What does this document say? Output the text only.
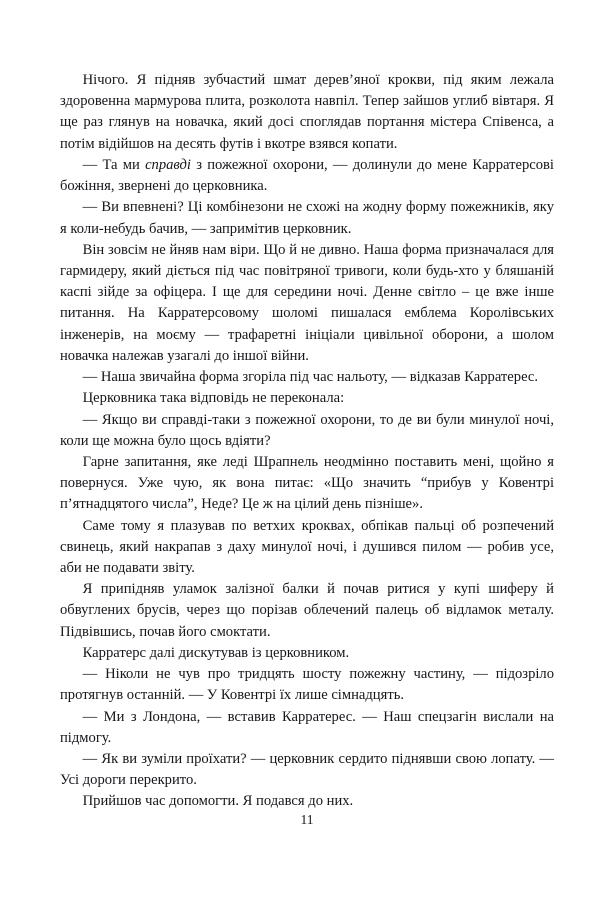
Нічого. Я підняв зубчастий шмат дерев’яної крокви, під яким лежала здоровенна мармурова плита, розколота навпіл. Тепер зайшов углиб вівтаря. Я ще раз глянув на новачка, який досі споглядав портання містера Співенса, а потім відійшов на десять футів і вкотре взявся копати.

— Та ми справді з пожежної охорони, — долинули до мене Карратерсові божіння, звернені до церковника.

— Ви впевнені? Ці комбінезони не схожі на жодну форму пожежників, яку я коли-небудь бачив, — запримітив церковник.

Він зовсім не йняв нам віри. Що й не дивно. Наша форма призначалася для гармидеру, який діється під час повітряної тривоги, коли будь-хто у бляшаній каспі зійде за офіцера. І ще для середини ночі. Денне світло – це вже інше питання. На Карратерсовому шоломі пишалася емблема Королівських інженерів, на моєму — трафаретні ініціали цивільної оборони, а шолом новачка належав узагалі до іншої війни.

— Наша звичайна форма згоріла під час нальоту, — відказав Карратерес.

Церковника така відповідь не переконала:

— Якщо ви справді-таки з пожежної охорони, то де ви були минулої ночі, коли ще можна було щось вдіяти?

Гарне запитання, яке леді Шрапнель неодмінно поставить мені, щойно я повернуся. Уже чую, як вона питає: «Що значить “прибув у Ковентрі п’ятнадцятого числа”, Неде? Це ж на цілий день пізніше».

Саме тому я плазував по ветхих кроквах, обпікав пальці об розпечений свинець, який накрапав з даху минулої ночі, і душився пилом — робив усе, аби не подавати звіту.

Я припідняв уламок залізної балки й почав ритися у купі шиферу й обвуглених брусів, через що порізав облечений палець об відламок металу. Підвівшись, почав його смоктати.

Карратерс далі дискутував із церковником.

— Ніколи не чув про тридцять шосту пожежну частину, — підозріло протягнув останній. — У Ковентрі їх лише сімнадцять.

— Ми з Лондона, — вставив Карратерес. — Наш спецзагін вислали на підмогу.

— Як ви зуміли проїхати? — церковник сердито піднявши свою лопату. — Усі дороги перекрито.

Прийшов час допомогти. Я подався до них.

11
